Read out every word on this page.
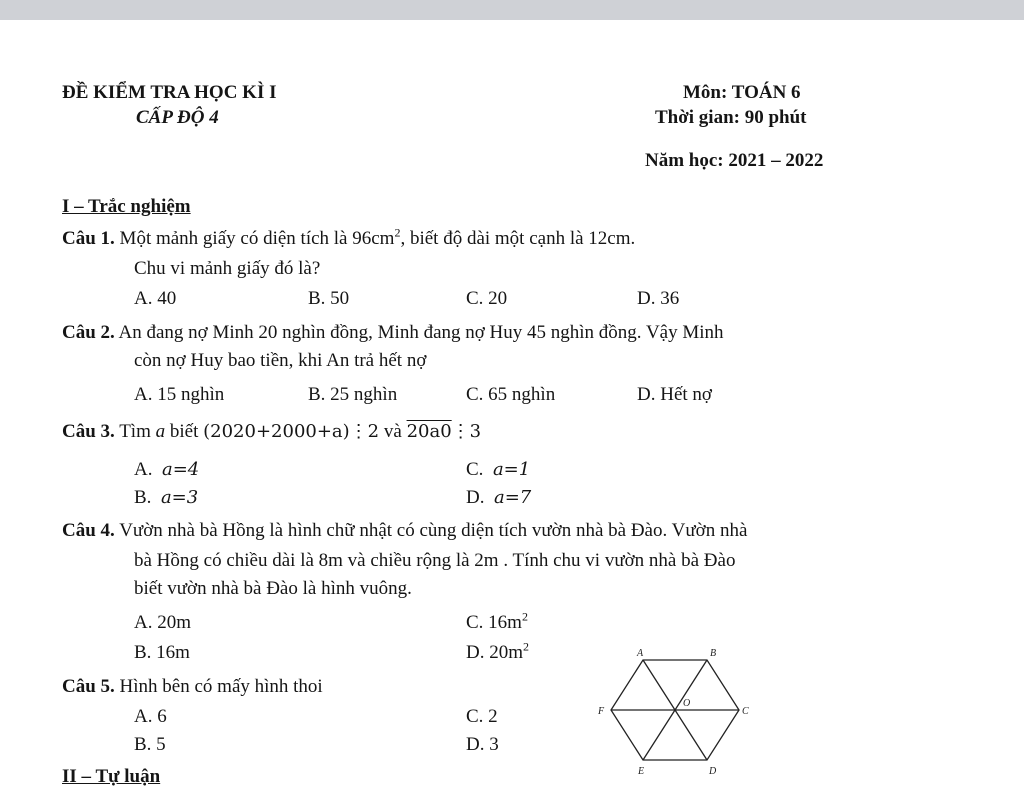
ĐỀ KIỂM TRA HỌC KÌ I
CẤP ĐỘ 4
Môn: TOÁN 6
Thời gian: 90 phút
Năm học: 2021 – 2022
I – Trắc nghiệm
Câu 1. Một mảnh giấy có diện tích là $96cm^2$, biết độ dài một cạnh là 12cm.
Chu vi mảnh giấy đó là?
A. 40	B. 50	C. 20	D. 36
Câu 2. An đang nợ Minh 20 nghìn đồng, Minh đang nợ Huy 45 nghìn đồng. Vậy Minh
còn nợ Huy bao tiền, khi An trả hết nợ
A. 15 nghìn	B. 25 nghìn	C. 65 nghìn	D. Hết nợ
Câu 3. Tìm a biết (2020+2000+a)⋮2 và 20a0⋮3
A. a=4
B. a=3
C. a=1
D. a=7
Câu 4. Vườn nhà bà Hồng là hình chữ nhật có cùng diện tích vườn nhà bà Đào. Vườn nhà
bà Hồng có chiều dài là 8m và chiều rộng là 2m . Tính chu vi vườn nhà bà Đào
biết vườn nhà bà Đào là hình vuông.
A. 20m
B. 16m
C. $16m^2$
D. $20m^2$
Câu 5. Hình bên có mấy hình thoi
A. 6
B. 5
C. 2
D. 3
A	B
C
D
E
F
O
II – Tự luận
